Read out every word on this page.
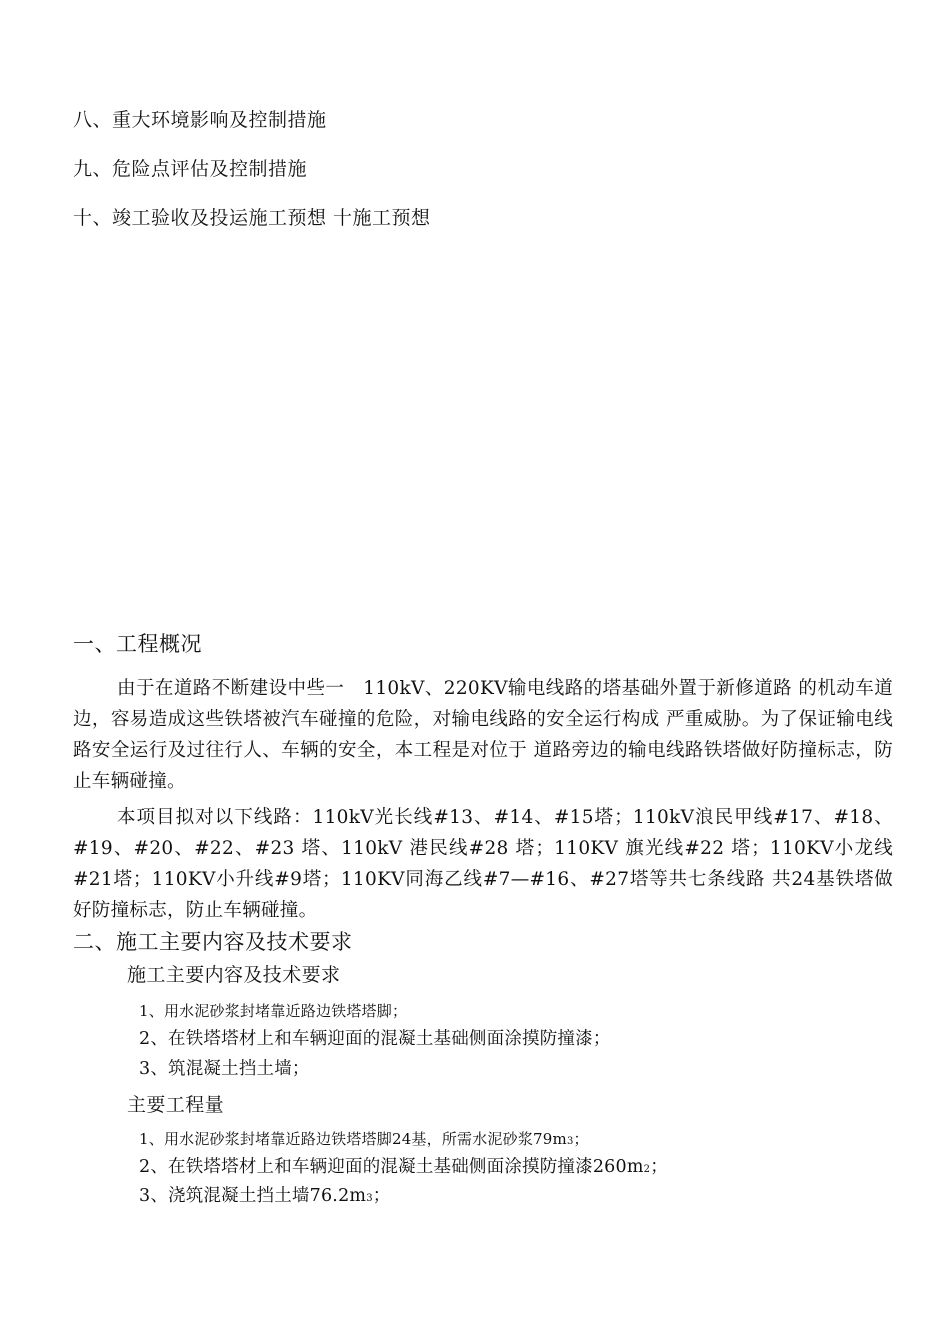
八、重大环境影响及控制措施
九、危险点评估及控制措施
十、竣工验收及投运施工预想 十施工预想
一、工程概况
由于在道路不断建设中些一　110kV、220KV输电线路的塔基础外置于新修道路 的机动车道边，容易造成这些铁塔被汽车碰撞的危险，对输电线路的安全运行构成 严重威胁。为了保证输电线路安全运行及过往行人、车辆的安全，本工程是对位于 道路旁边的输电线路铁塔做好防撞标志，防止车辆碰撞。
本项目拟对以下线路：110kV光长线#13、#14、#15塔；110kV浪民甲线#17、#18、#19、#20、#22、#23 塔、110kV 港民线#28 塔；110KV 旗光线#22 塔；110KV小龙线#21塔；110KV小升线#9塔；110KV同海乙线#7—#16、#27塔等共七条线路 共24基铁塔做好防撞标志，防止车辆碰撞。
二、施工主要内容及技术要求
施工主要内容及技术要求
1、用水泥砂浆封堵靠近路边铁塔塔脚；
2、在铁塔塔材上和车辆迎面的混凝土基础侧面涂摸防撞漆；
3、筑混凝土挡土墙；
主要工程量
1、用水泥砂浆封堵靠近路边铁塔塔脚24基，所需水泥砂浆79m3；
2、在铁塔塔材上和车辆迎面的混凝土基础侧面涂摸防撞漆260m2；
3、浇筑混凝土挡土墙76.2m3；
